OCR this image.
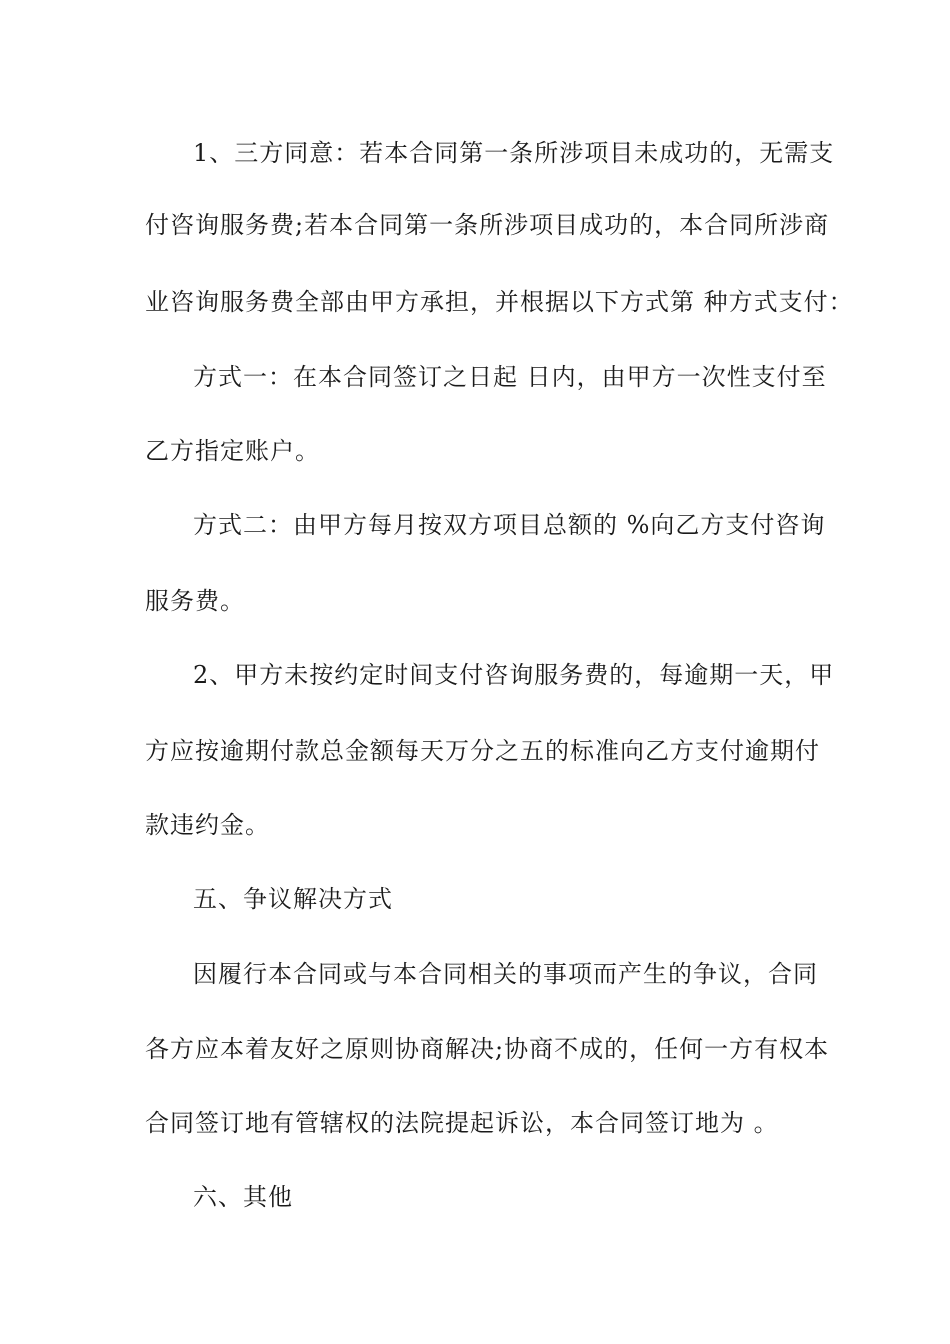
1、三方同意：若本合同第一条所涉项目未成功的，无需支
付咨询服务费;若本合同第一条所涉项目成功的，本合同所涉商
业咨询服务费全部由甲方承担，并根据以下方式第 种方式支付：
方式一：在本合同签订之日起 日内，由甲方一次性支付至
乙方指定账户。
方式二：由甲方每月按双方项目总额的 %向乙方支付咨询
服务费。
2、甲方未按约定时间支付咨询服务费的，每逾期一天，甲
方应按逾期付款总金额每天万分之五的标准向乙方支付逾期付
款违约金。
五、争议解决方式
因履行本合同或与本合同相关的事项而产生的争议，合同
各方应本着友好之原则协商解决;协商不成的，任何一方有权本
合同签订地有管辖权的法院提起诉讼，本合同签订地为 。
六、其他
